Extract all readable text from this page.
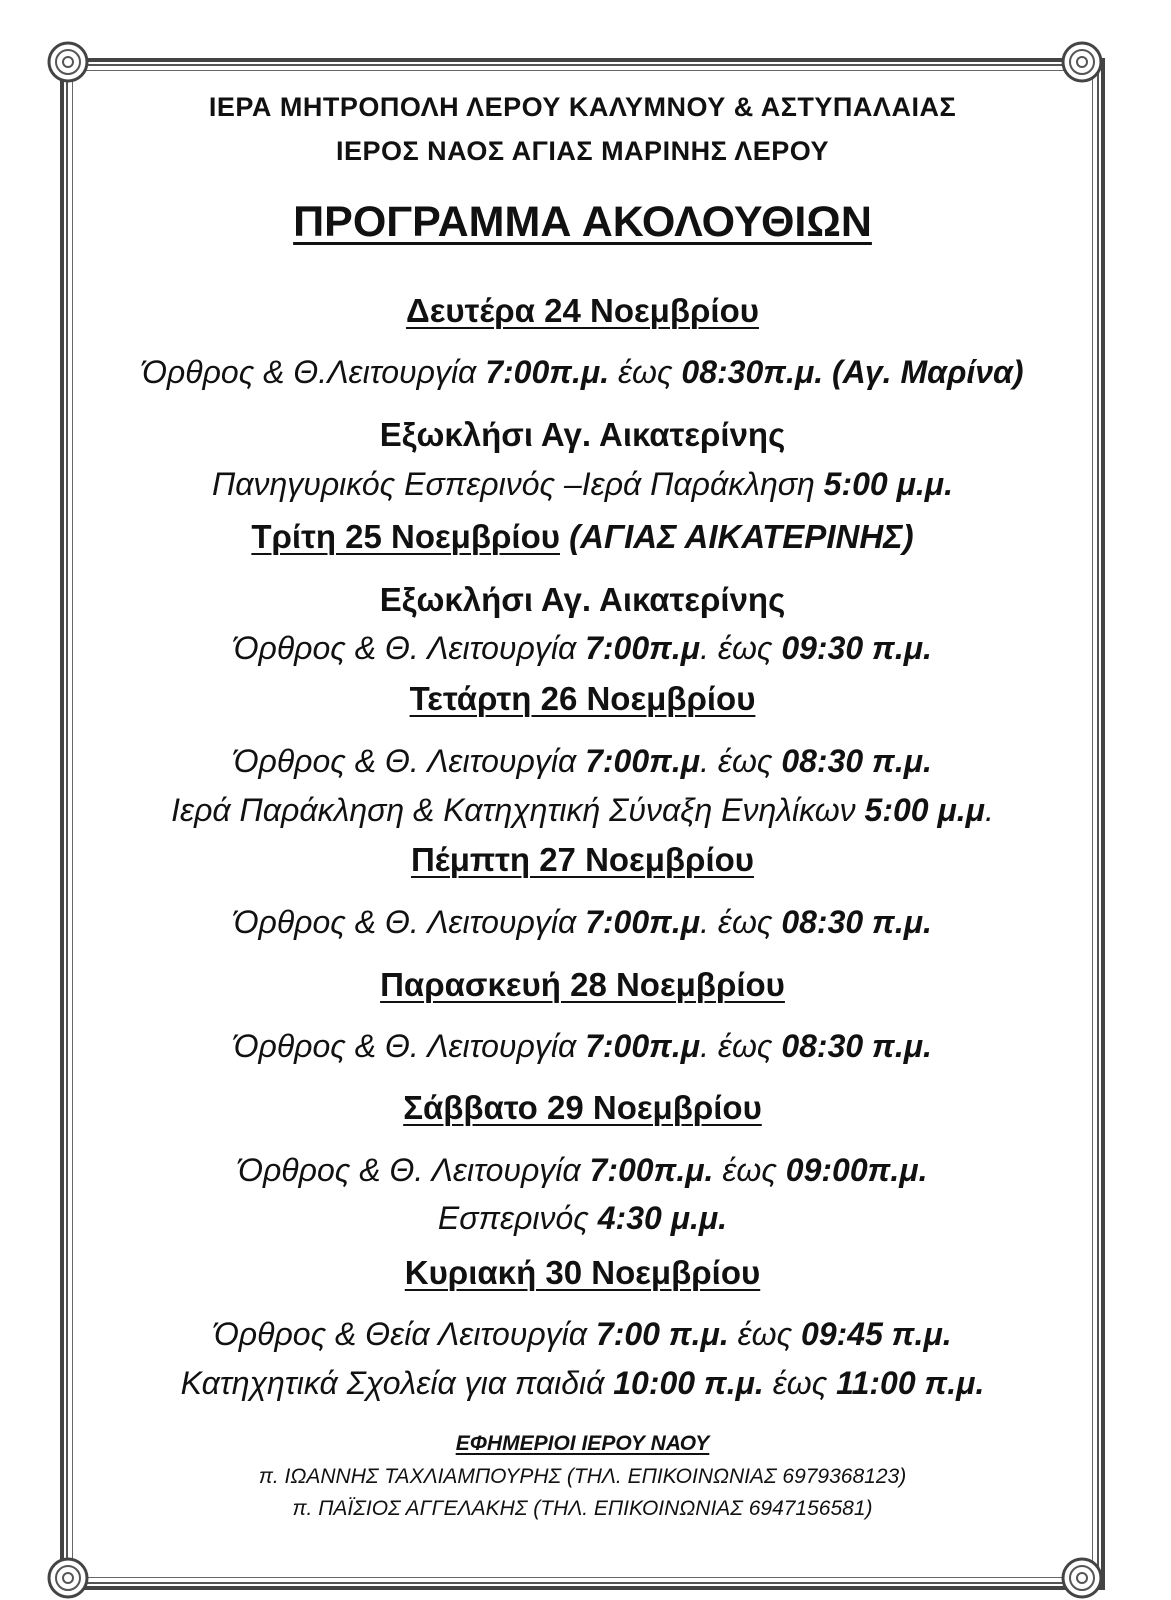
ΙΕΡΑ ΜΗΤΡΟΠΟΛΗ ΛΕΡΟΥ ΚΑΛΥΜΝΟΥ & ΑΣΤΥΠΑΛΑΙΑΣ
ΙΕΡΟΣ ΝΑΟΣ ΑΓΙΑΣ ΜΑΡΙΝΗΣ ΛΕΡΟΥ
ΠΡΟΓΡΑΜΜΑ ΑΚΟΛΟΥΘΙΩΝ
Δευτέρα 24 Νοεμβρίου
Όρθρος & Θ.Λειτουργία 7:00π.μ. έως 08:30π.μ. (Αγ. Μαρίνα)
Εξωκλήσι Αγ. Αικατερίνης
Πανηγυρικός Εσπερινός –Ιερά Παράκληση 5:00 μ.μ.
Τρίτη 25 Νοεμβρίου (ΑΓΙΑΣ ΑΙΚΑΤΕΡΙΝΗΣ)
Εξωκλήσι Αγ. Αικατερίνης
Όρθρος & Θ. Λειτουργία 7:00π.μ. έως 09:30 π.μ.
Τετάρτη 26 Νοεμβρίου
Όρθρος & Θ. Λειτουργία 7:00π.μ. έως 08:30 π.μ.
Ιερά Παράκληση & Κατηχητική Σύναξη Ενηλίκων 5:00 μ.μ.
Πέμπτη 27 Νοεμβρίου
Όρθρος & Θ. Λειτουργία 7:00π.μ. έως 08:30 π.μ.
Παρασκευή 28 Νοεμβρίου
Όρθρος & Θ. Λειτουργία 7:00π.μ. έως 08:30 π.μ.
Σάββατο 29 Νοεμβρίου
Όρθρος & Θ. Λειτουργία 7:00π.μ. έως 09:00π.μ.
Εσπερινός 4:30 μ.μ.
Κυριακή 30 Νοεμβρίου
Όρθρος & Θεία Λειτουργία 7:00 π.μ. έως 09:45 π.μ.
Κατηχητικά Σχολεία για παιδιά 10:00 π.μ. έως 11:00 π.μ.
ΕΦΗΜΕΡΙΟΙ ΙΕΡΟΥ ΝΑΟΥ
π. ΙΩΑΝΝΗΣ ΤΑΧΛΙΑΜΠΟΥΡΗΣ (ΤΗΛ. ΕΠΙΚΟΙΝΩΝΙΑΣ 6979368123)
π. ΠΑΪΣΙΟΣ ΑΓΓΕΛΑΚΗΣ (ΤΗΛ. ΕΠΙΚΟΙΝΩΝΙΑΣ 6947156581)
